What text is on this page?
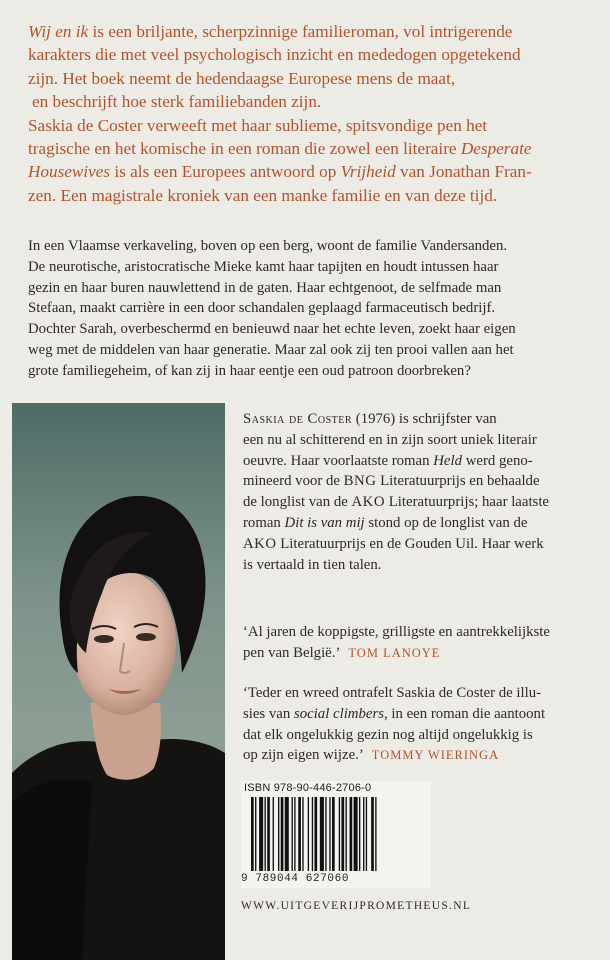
Wij en ik is een briljante, scherpzinnige familieroman, vol intrigerende

karakters die met veel psychologisch inzicht en mededogen opgetekend

zijn. Het boek neemt de hedendaagse Europese mens de maat,

en beschrijft hoe sterk familiebanden zijn.

Saskia de Coster verweeft met haar sublieme, spitsvondige pen het

tragische en het komische in een roman die zowel een literaire Desperate

Housewives is als een Europees antwoord op Vrijheid van Jonathan Fran-

zen. Een magistrale kroniek van een manke familie en van deze tijd.

In een Vlaamse verkaveling, boven op een berg, woont de familie Vandersanden.

De neurotische, aristocratische Mieke kamt haar tapijten en houdt intussen haar

gezin en haar buren nauwlettend in de gaten. Haar echtgenoot, de selfmade man

Stefaan, maakt carrière in een door schandalen geplaagd farmaceutisch bedrijf.

Dochter Sarah, overbeschermd en benieuwd naar het echte leven, zoekt haar eigen

weg met de middelen van haar generatie. Maar zal ook zij ten prooi vallen aan het

grote familiegeheim, of kan zij in haar eentje een oud patroon doorbreken?

Saskia de Coster (1976) is schrijfster van

een nu al schitterend en in zijn soort uniek literair

oeuvre. Haar voorlaatste roman Held werd geno-

mineerd voor de BNG Literatuurprijs en behaalde

de longlist van de AKO Literatuurprijs; haar laatste

roman Dit is van mij stond op de longlist van de

AKO Literatuurprijs en de Gouden Uil. Haar werk

is vertaald in tien talen.

‘Al jaren de koppigste, grilligste en aantrekkelijkste

pen van België.’ TOM LANOYE

‘Teder en wreed ontrafelt Saskia de Coster de illu-

sies van social climbers, in een roman die aantoont

dat elk ongelukkig gezin nog altijd ongelukkig is

op zijn eigen wijze.’ TOMMY WIERINGA

ISBN 978-90-446-2706-0
9 789044 627060
WWW.UITGEVERIJPROMETHEUS.NL
